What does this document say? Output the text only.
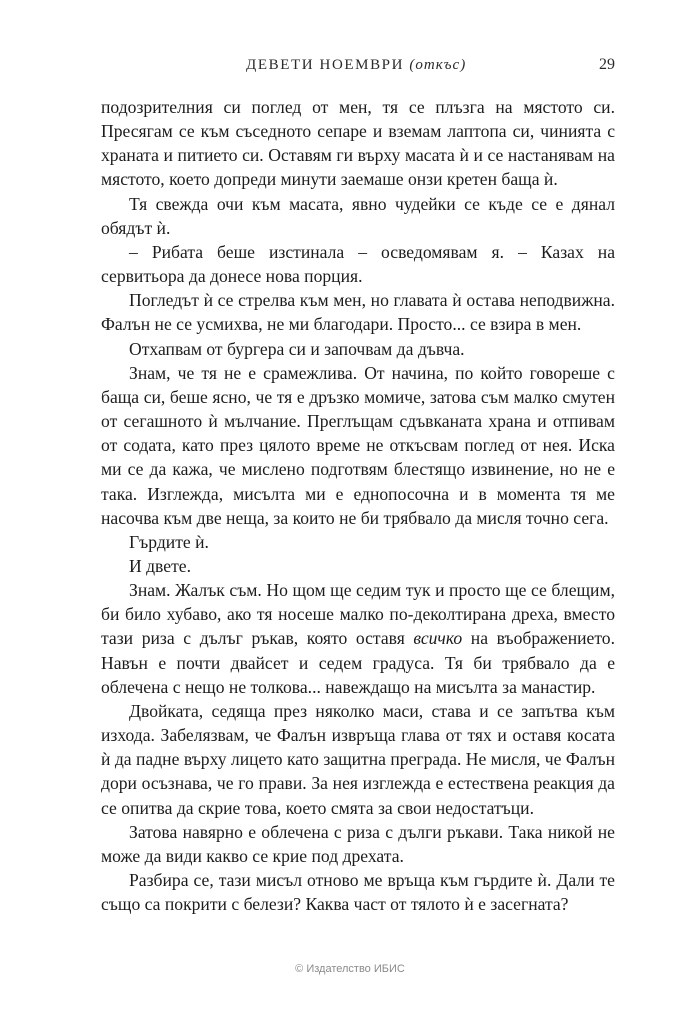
ДЕВЕТИ НОЕМВРИ (откъс)	29

подозрителния си поглед от мен, тя се плъзга на мястото си. Пресягам се към съседното сепаре и вземам лаптопа си, чинията с храната и питието си. Оставям ги върху масата ѝ и се настанявам на мястото, което допреди минути заемаше онзи кретен баща ѝ.

Тя свежда очи към масата, явно чудейки се къде се е дянал обядът ѝ.

– Рибата беше изстинала – осведомявам я. – Казах на сервитьора да донесе нова порция.

Погледът ѝ се стрелва към мен, но главата ѝ остава неподвижна. Фалън не се усмихва, не ми благодари. Просто... се взира в мен.

Отхапвам от бургера си и започвам да дъвча.

Знам, че тя не е срамежлива. От начина, по който говореше с баща си, беше ясно, че тя е дръзко момиче, затова съм малко смутен от сегашното ѝ мълчание. Преглъщам сдъвканата храна и отпивам от содата, като през цялото време не откъсвам поглед от нея. Иска ми се да кажа, че мислено подготвям блестящо извинение, но не е така. Изглежда, мисълта ми е еднопосочна и в момента тя ме насочва към две неща, за които не би трябвало да мисля точно сега.

Гърдите ѝ.

И двете.

Знам. Жалък съм. Но щом ще седим тук и просто ще се блещим, би било хубаво, ако тя носеше малко по-деколтирана дреха, вместо тази риза с дълъг ръкав, която оставя всичко на въображението. Навън е почти двайсет и седем градуса. Тя би трябвало да е облечена с нещо не толкова... навеждащо на мисълта за манастир.

Двойката, седяща през няколко маси, става и се запътва към изхода. Забелязвам, че Фалън извръща глава от тях и оставя косата ѝ да падне върху лицето като защитна преграда. Не мисля, че Фалън дори осъзнава, че го прави. За нея изглежда е естествена реакция да се опитва да скрие това, което смята за свои недостатъци.

Затова навярно е облечена с риза с дълги ръкави. Така никой не може да види какво се крие под дрехата.

Разбира се, тази мисъл отново ме връща към гърдите ѝ. Дали те също са покрити с белези? Каква част от тялото ѝ е засегната?

© Издателство ИБИС
